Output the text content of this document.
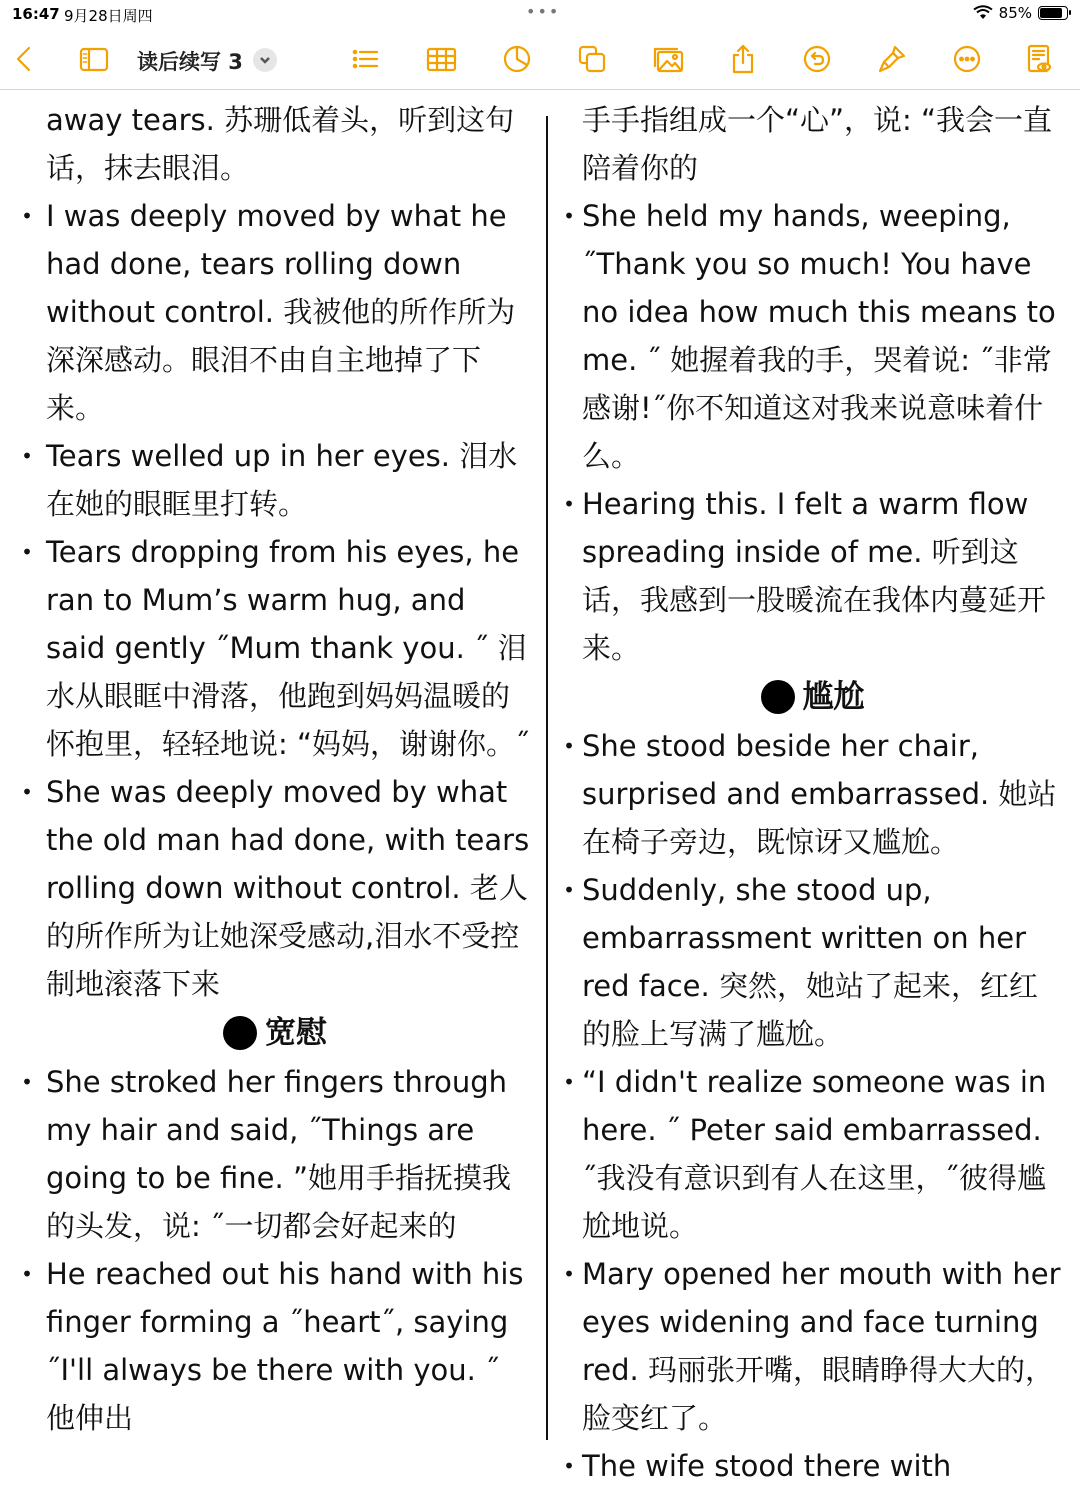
16:47 9月28日周四	•••	85%
读后续写 3
away tears. 苏珊低着头，听到这句话，抹去眼泪。
• I was deeply moved by what he had done, tears rolling down without control. 我被他的所作所为深深感动。眼泪不由自主地掉了下来。
• Tears welled up in her eyes. 泪水在她的眼眶里打转。
• Tears dropping from his eyes, he ran to Mum’s warm hug, and said gently ˝Mum thank you. ˝ 泪水从眼眶中滑落，他跑到妈妈温暖的怀抱里，轻轻地说: “妈妈，谢谢你。˝
• She was deeply moved by what the old man had done, with tears rolling down without control. 老人的所作所为让她深受感动,泪水不受控制地滚落下来
宽慰
• She stroked her fingers through my hair and said, ˝Things are going to be fine. ”她用手指抚摸我的头发，说: ˝一切都会好起来的
• He reached out his hand with his finger forming a ˝heart˝, saying ˝I'll always be there with you. ˝ 他伸出
手手指组成一个“心”，说: “我会一直陪着你的
• She held my hands, weeping, ˝Thank you so much! You have no idea how much this means to me. ˝ 她握着我的手，哭着说: ˝非常感谢!˝你不知道这对我来说意味着什么。
• Hearing this. I felt a warm flow spreading inside of me. 听到这话，我感到一股暖流在我体内蔓延开来。
尴尬
• She stood beside her chair, surprised and embarrassed. 她站在椅子旁边，既惊讶又尴尬。
• Suddenly, she stood up, embarrassment written on her red face. 突然，她站了起来，红红的脸上写满了尴尬。
• “I didn't realize someone was in here. ˝ Peter said embarrassed. ˝我没有意识到有人在这里，˝彼得尴尬地说。
• Mary opened her mouth with her eyes widening and face turning red. 玛丽张开嘴，眼睛睁得大大的，脸变红了。
• The wife stood there with
